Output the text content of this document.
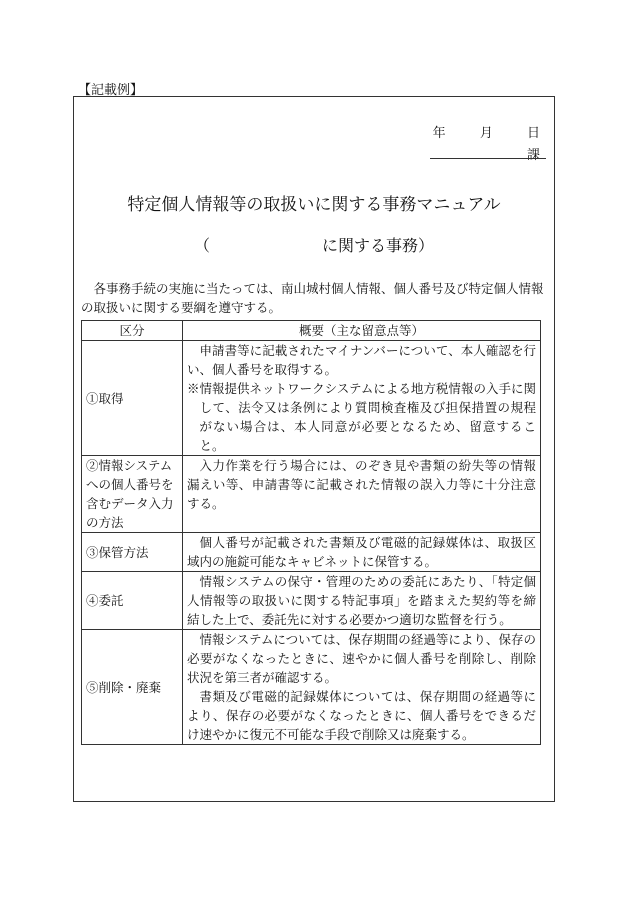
【記載例】
年	月	日
課
特定個人情報等の取扱いに関する事務マニュアル
（	に関する事務）
各事務手続の実施に当たっては、南山城村個人情報、個人番号及び特定個人情報の取扱いに関する要綱を遵守する。
区分	概要（主な留意点等）
①取得	申請書等に記載されたマイナンバーについて、本人確認を行い、個人番号を取得する。
※情報提供ネットワークシステムによる地方税情報の入手に関して、法令又は条例により質問検査権及び担保措置の規程がない場合は、本人同意が必要となるため、留意すること。

②情報システムへの個人番号を含むデータ入力の方法	入力作業を行う場合には、のぞき見や書類の紛失等の情報漏えい等、申請書等に記載された情報の誤入力等に十分注意する。

③保管方法	個人番号が記載された書類及び電磁的記録媒体は、取扱区域内の施錠可能なキャビネットに保管する。

④委託	情報システムの保守・管理のための委託にあたり、「特定個人情報等の取扱いに関する特記事項」を踏まえた契約等を締結した上で、委託先に対する必要かつ適切な監督を行う。

⑤削除・廃棄	情報システムについては、保存期間の経過等により、保存の必要がなくなったときに、速やかに個人番号を削除し、削除状況を第三者が確認する。
書類及び電磁的記録媒体については、保存期間の経過等により、保存の必要がなくなったときに、個人番号をできるだけ速やかに復元不可能な手段で削除又は廃棄する。
